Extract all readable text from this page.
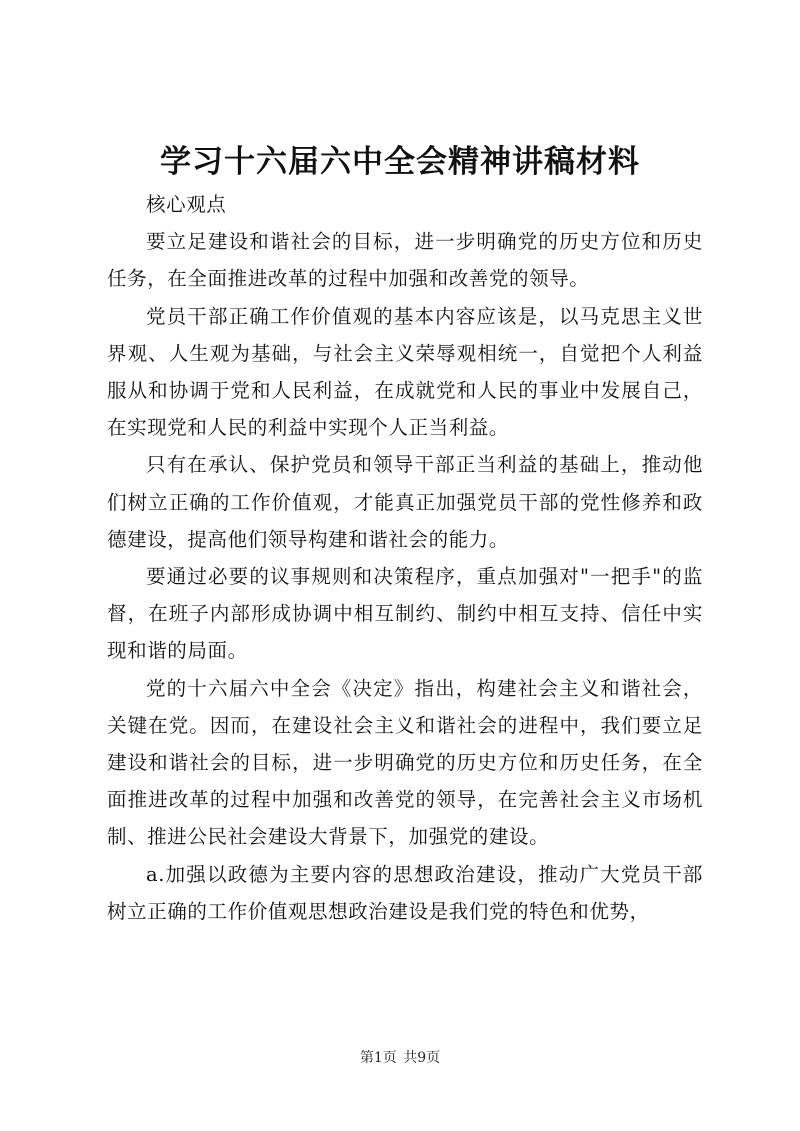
学习十六届六中全会精神讲稿材料

核心观点

要立足建设和谐社会的目标，进一步明确党的历史方位和历史任务，在全面推进改革的过程中加强和改善党的领导。

党员干部正确工作价值观的基本内容应该是，以马克思主义世界观、人生观为基础，与社会主义荣辱观相统一，自觉把个人利益服从和协调于党和人民利益，在成就党和人民的事业中发展自己，在实现党和人民的利益中实现个人正当利益。

只有在承认、保护党员和领导干部正当利益的基础上，推动他们树立正确的工作价值观，才能真正加强党员干部的党性修养和政德建设，提高他们领导构建和谐社会的能力。

要通过必要的议事规则和决策程序，重点加强对"一把手"的监督，在班子内部形成协调中相互制约、制约中相互支持、信任中实现和谐的局面。

党的十六届六中全会《决定》指出，构建社会主义和谐社会，关键在党。因而，在建设社会主义和谐社会的进程中，我们要立足建设和谐社会的目标，进一步明确党的历史方位和历史任务，在全面推进改革的过程中加强和改善党的领导，在完善社会主义市场机制、推进公民社会建设大背景下，加强党的建设。

a.加强以政德为主要内容的思想政治建设，推动广大党员干部树立正确的工作价值观思想政治建设是我们党的特色和优势，

第1页 共9页
